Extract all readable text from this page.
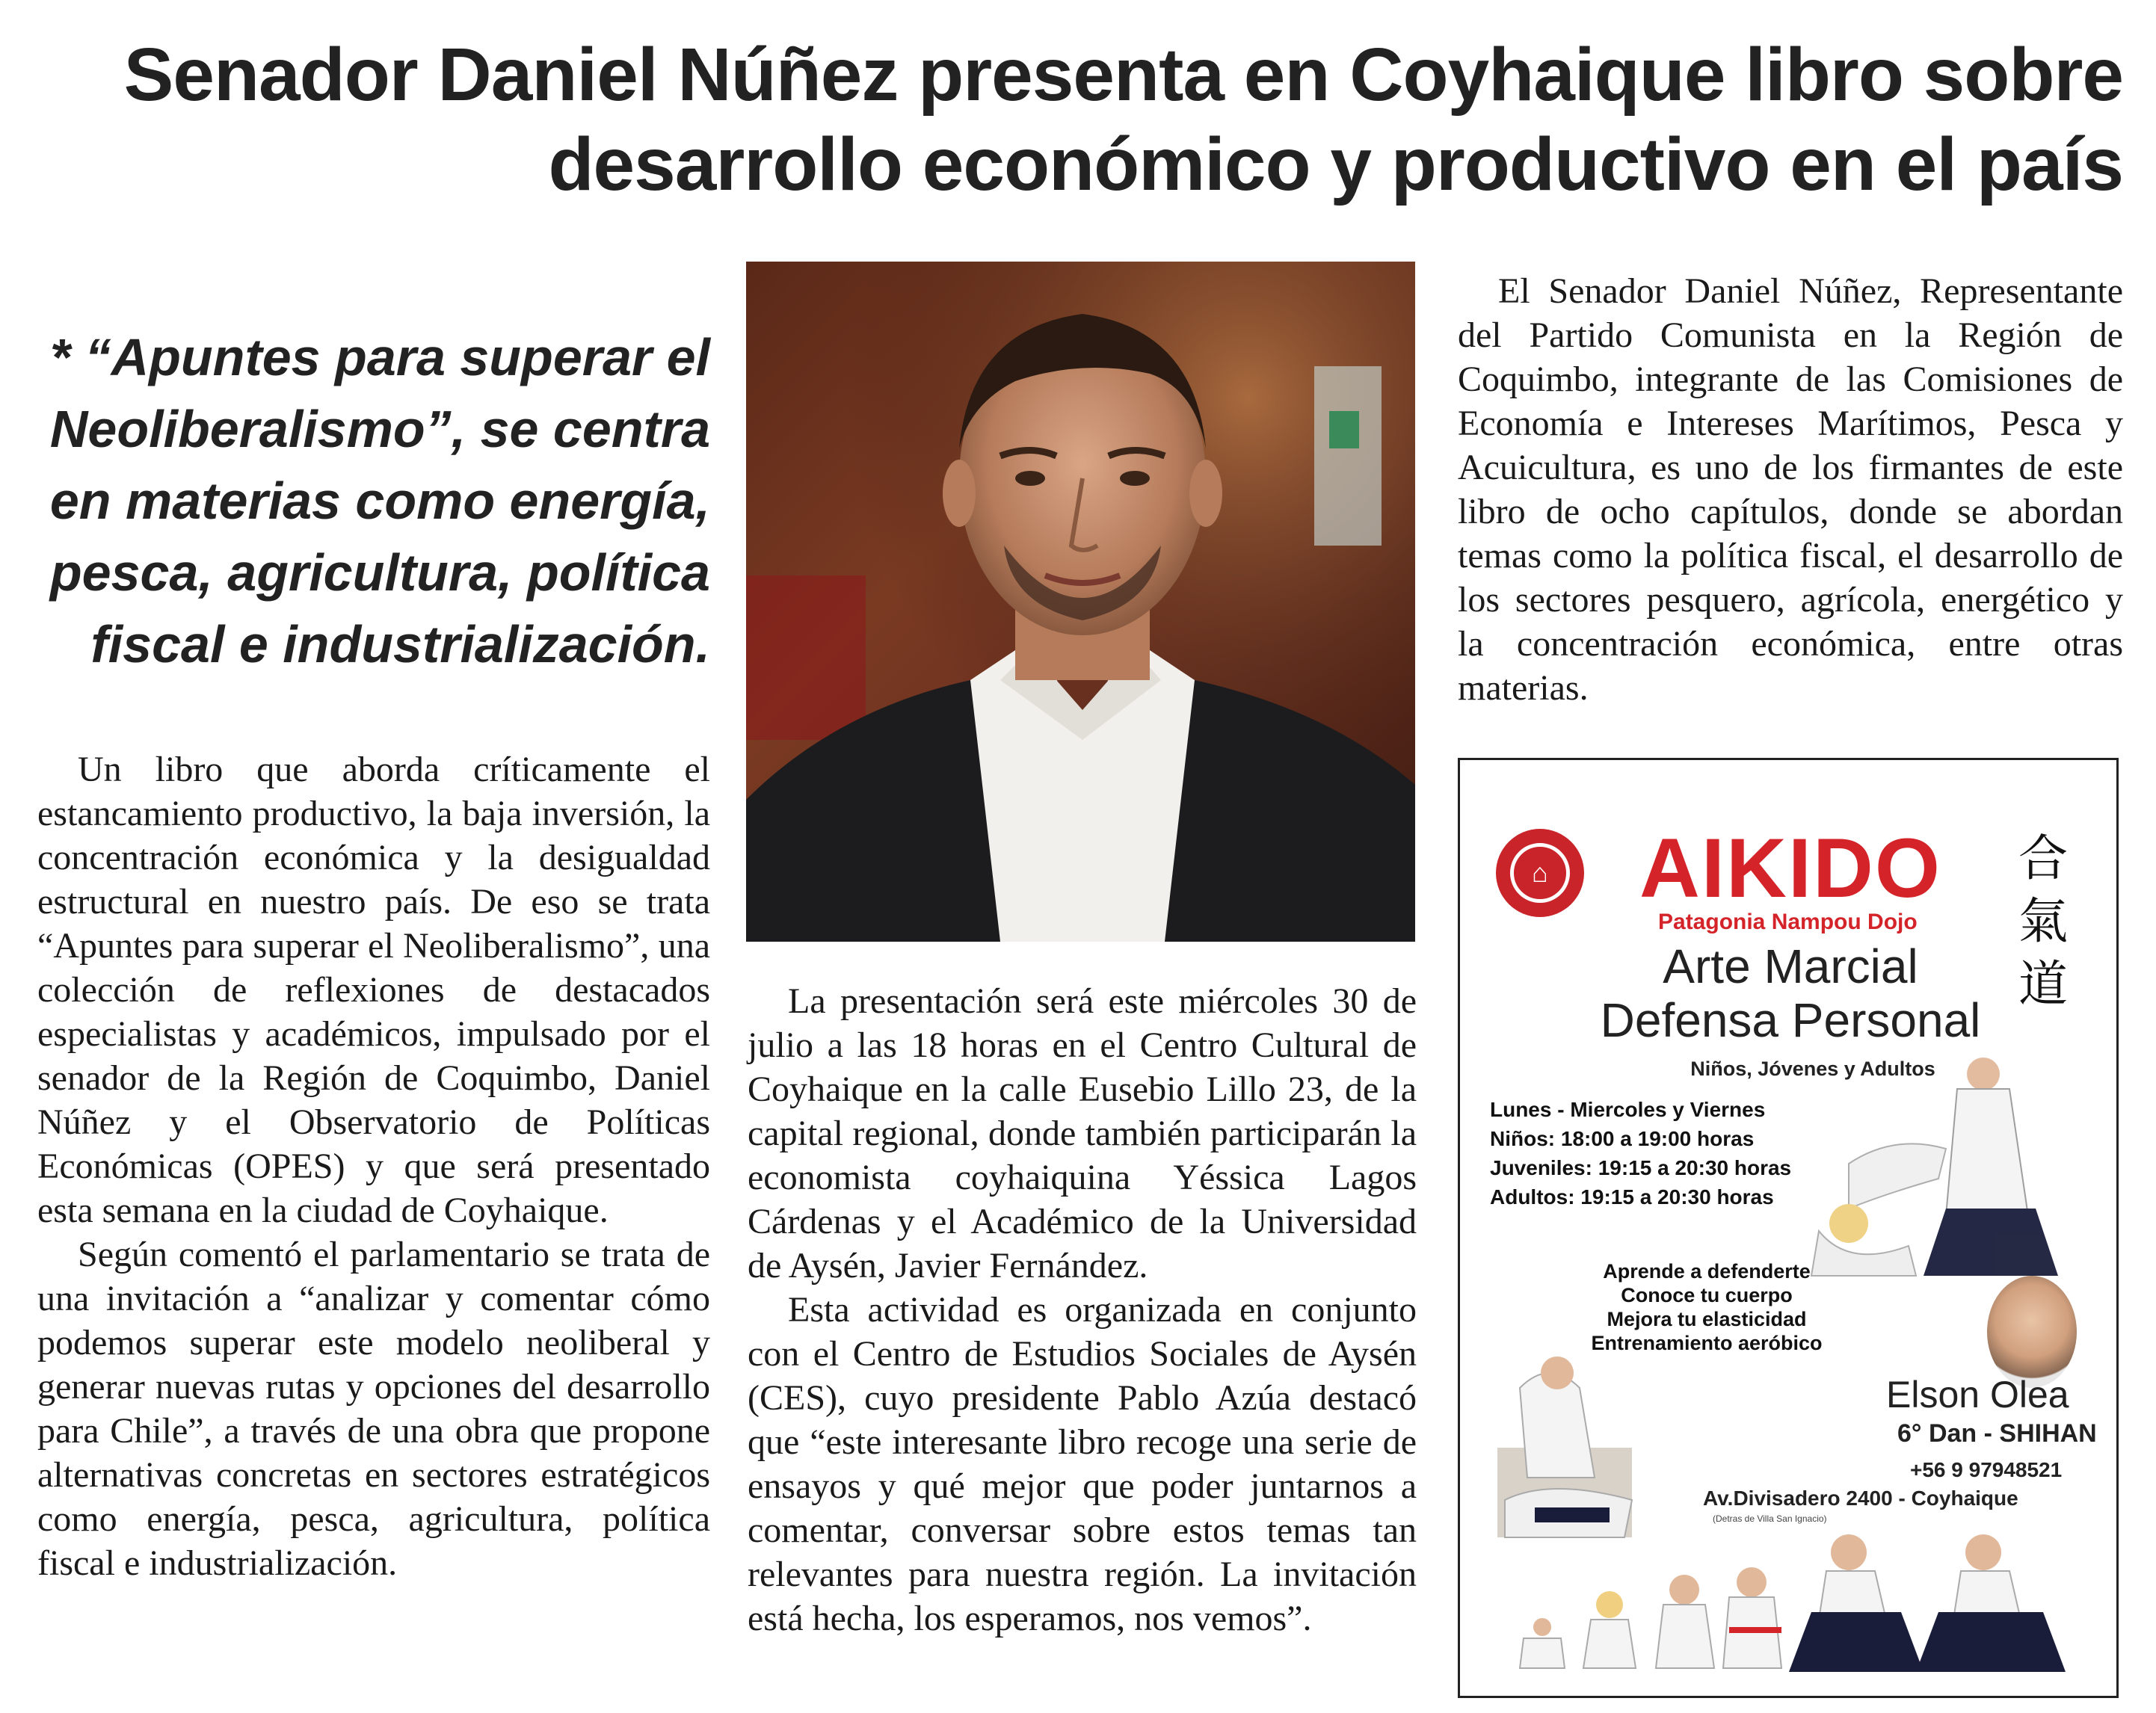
Senador Daniel Núñez presenta en Coyhaique libro sobre desarrollo económico y productivo en el país
* “Apuntes para superar el Neoliberalismo”, se centra en materias como energía, pesca, agricultura, política fiscal e industrialización.

Un libro que aborda críticamente el estancamiento productivo, la baja inversión, la concentración económica y la desigualdad estructural en nuestro país. De eso se trata “Apuntes para superar el Neoliberalismo”, una colección de reflexiones de destacados especialistas y académicos, impulsado por el senador de la Región de Coquimbo, Daniel Núñez y el Observatorio de Políticas Económicas (OPES) y que será presentado esta semana en la ciudad de Coyhaique.

Según comentó el parlamentario se trata de una invitación a “analizar y comentar cómo podemos superar este modelo neoliberal y generar nuevas rutas y opciones del desarrollo para Chile”, a través de una obra que propone alternativas concretas en sectores estratégicos como energía, pesca, agricultura, política fiscal e industrialización.

La presentación será este miércoles 30 de julio a las 18 horas en el Centro Cultural de Coyhaique en la calle Eusebio Lillo 23, de la capital regional, donde también participarán la economista coyhaiquina Yéssica Lagos Cárdenas y el Académico de la Universidad de Aysén, Javier Fernández.

Esta actividad es organizada en conjunto con el Centro de Estudios Sociales de Aysén (CES), cuyo presidente Pablo Azúa destacó que “este interesante libro recoge una serie de ensayos y qué mejor que poder juntarnos a comentar, conversar sobre estos temas tan relevantes para nuestra región. La invitación está hecha, los esperamos, nos vemos”.

El Senador Daniel Núñez, Representante del Partido Comunista en la Región de Coquimbo, integrante de las Comisiones de Economía e Intereses Marítimos, Pesca y Acuicultura, es uno de los firmantes de este libro de ocho capítulos, donde se abordan temas como la política fiscal, el desarrollo de los sectores pesquero, agrícola, energético y la concentración económica, entre otras materias.

⌂ AIKIDO
Patagonia Nampou Dojo
合氣道
Arte Marcial
Defensa Personal
Niños, Jóvenes y Adultos
Lunes - Miercoles y Viernes
Niños: 18:00 a 19:00 horas
Juveniles: 19:15 a 20:30 horas
Adultos: 19:15 a 20:30 horas
Aprende a defenderte
Conoce tu cuerpo
Mejora tu elasticidad
Entrenamiento aeróbico
Elson Olea
6° Dan - SHIHAN
+56 9 97948521
Av.Divisadero 2400 - Coyhaique
(Detras de Villa San Ignacio)
